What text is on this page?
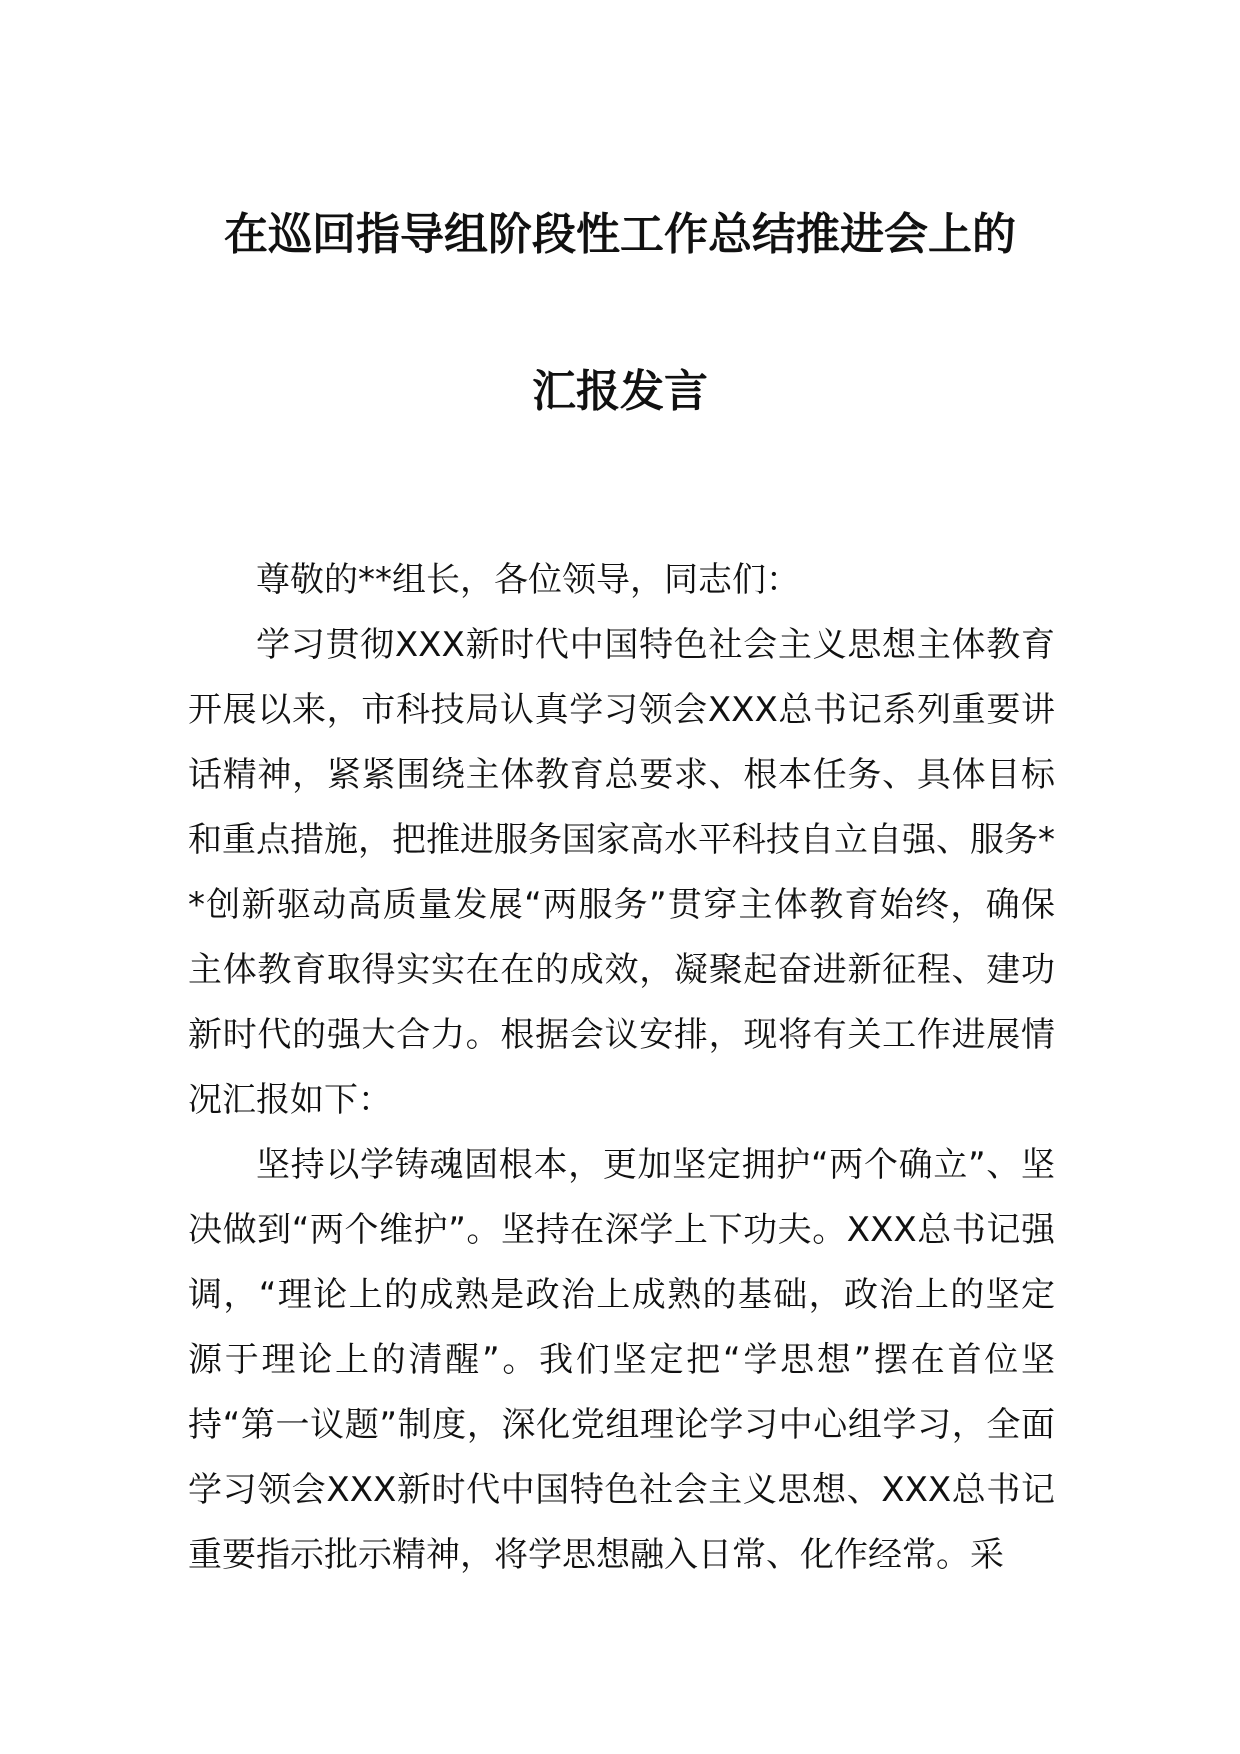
在巡回指导组阶段性工作总结推进会上的
汇报发言

尊敬的**组长，各位领导，同志们：

学习贯彻XXX新时代中国特色社会主义思想主体教育开展以来，市科技局认真学习领会XXX总书记系列重要讲话精神，紧紧围绕主体教育总要求、根本任务、具体目标和重点措施，把推进服务国家高水平科技自立自强、服务**创新驱动高质量发展“两服务”贯穿主体教育始终，确保主体教育取得实实在在的成效，凝聚起奋进新征程、建功新时代的强大合力。根据会议安排，现将有关工作进展情况汇报如下：

坚持以学铸魂固根本，更加坚定拥护“两个确立”、坚决做到“两个维护”。坚持在深学上下功夫。XXX总书记强调，“理论上的成熟是政治上成熟的基础，政治上的坚定源于理论上的清醒”。我们坚定把“学思想”摆在首位坚持“第一议题”制度，深化党组理论学习中心组学习，全面学习领会XXX新时代中国特色社会主义思想、XXX总书记重要指示批示精神，将学思想融入日常、化作经常。采
